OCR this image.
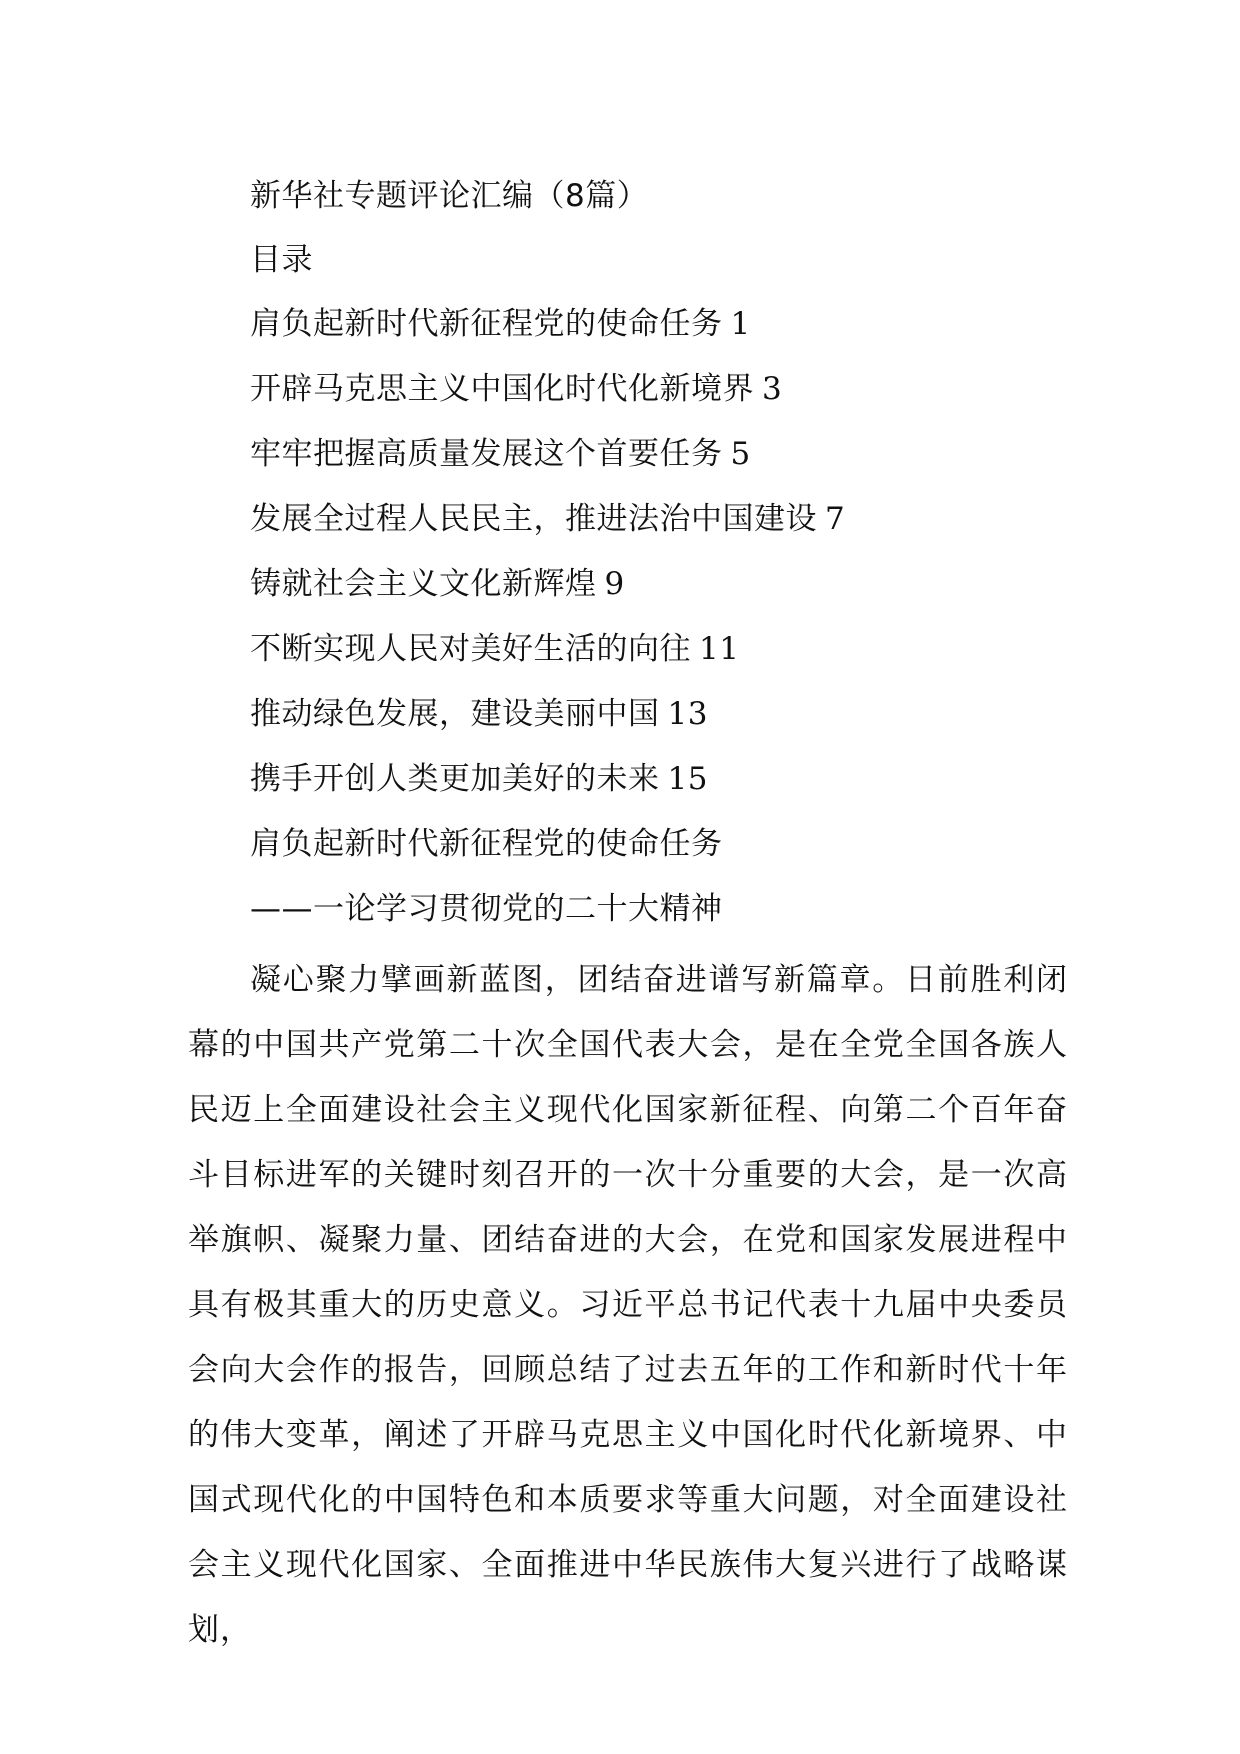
新华社专题评论汇编（8篇）
目录
肩负起新时代新征程党的使命任务 1
开辟马克思主义中国化时代化新境界 3
牢牢把握高质量发展这个首要任务 5
发展全过程人民民主，推进法治中国建设 7
铸就社会主义文化新辉煌 9
不断实现人民对美好生活的向往 11
推动绿色发展，建设美丽中国 13
携手开创人类更加美好的未来 15
肩负起新时代新征程党的使命任务
——一论学习贯彻党的二十大精神

凝心聚力擘画新蓝图，团结奋进谱写新篇章。日前胜利闭幕的中国共产党第二十次全国代表大会，是在全党全国各族人民迈上全面建设社会主义现代化国家新征程、向第二个百年奋斗目标进军的关键时刻召开的一次十分重要的大会，是一次高举旗帜、凝聚力量、团结奋进的大会，在党和国家发展进程中具有极其重大的历史意义。习近平总书记代表十九届中央委员会向大会作的报告，回顾总结了过去五年的工作和新时代十年的伟大变革，阐述了开辟马克思主义中国化时代化新境界、中国式现代化的中国特色和本质要求等重大问题，对全面建设社会主义现代化国家、全面推进中华民族伟大复兴进行了战略谋划，
